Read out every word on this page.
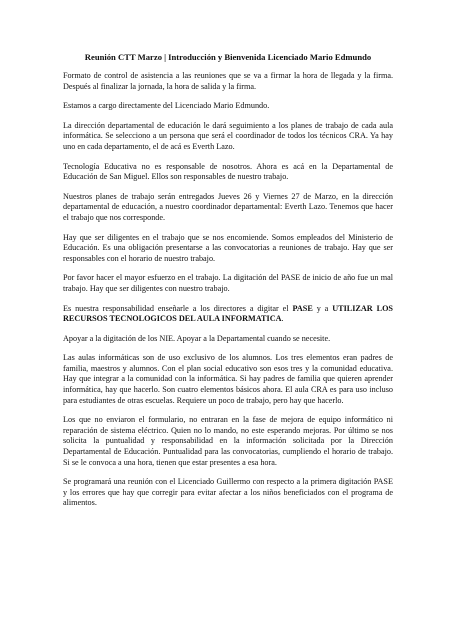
Reunión CTT Marzo | Introducción y Bienvenida Licenciado Mario Edmundo

Formato de control de asistencia a las reuniones que se va a firmar la hora de llegada y la firma. Después al finalizar la jornada, la hora de salida y la firma.

Estamos a cargo directamente del Licenciado Mario Edmundo.

La dirección departamental de educación le dará seguimiento a los planes de trabajo de cada aula informática. Se selecciono a un persona que será el coordinador de todos los técnicos CRA. Ya hay uno en cada departamento, el de acá es Everth Lazo.

Tecnología Educativa no es responsable de nosotros. Ahora es acá en la Departamental de Educación de San Miguel. Ellos son responsables de nuestro trabajo.

Nuestros planes de trabajo serán entregados Jueves 26 y Viernes 27 de Marzo, en la dirección departamental de educación, a nuestro coordinador departamental: Everth Lazo. Tenemos que hacer el trabajo que nos corresponde.

Hay que ser diligentes en el trabajo que se nos encomiende. Somos empleados del Ministerio de Educación. Es una obligación presentarse a las convocatorias a reuniones de trabajo. Hay que ser responsables con el horario de nuestro trabajo.

Por favor hacer el mayor esfuerzo en el trabajo. La digitación del PASE de inicio de año fue un mal trabajo. Hay que ser diligentes con nuestro trabajo.

Es nuestra responsabilidad enseñarle a los directores a digitar el PASE y a UTILIZAR LOS RECURSOS TECNOLOGICOS DEL AULA INFORMATICA.

Apoyar a la digitación de los NIE. Apoyar a la Departamental cuando se necesite.

Las aulas informáticas son de uso exclusivo de los alumnos. Los tres elementos eran padres de familia, maestros y alumnos. Con el plan social educativo son esos tres y la comunidad educativa. Hay que integrar a la comunidad con la informática. Si hay padres de familia que quieren aprender informática, hay que hacerlo. Son cuatro elementos básicos ahora. El aula CRA es para uso incluso para estudiantes de otras escuelas. Requiere un poco de trabajo, pero hay que hacerlo.

Los que no enviaron el formulario, no entraran en la fase de mejora de equipo informático ni reparación de sistema eléctrico. Quien no lo mando, no este esperando mejoras. Por último se nos solicita la puntualidad y responsabilidad en la información solicitada por la Dirección Departamental de Educación. Puntualidad para las convocatorias, cumpliendo el horario de trabajo. Si se le convoca a una hora, tienen que estar presentes a esa hora.

Se programará una reunión con el Licenciado Guillermo con respecto a la primera digitación PASE y los errores que hay que corregir para evitar afectar a los niños beneficiados con el programa de alimentos.
